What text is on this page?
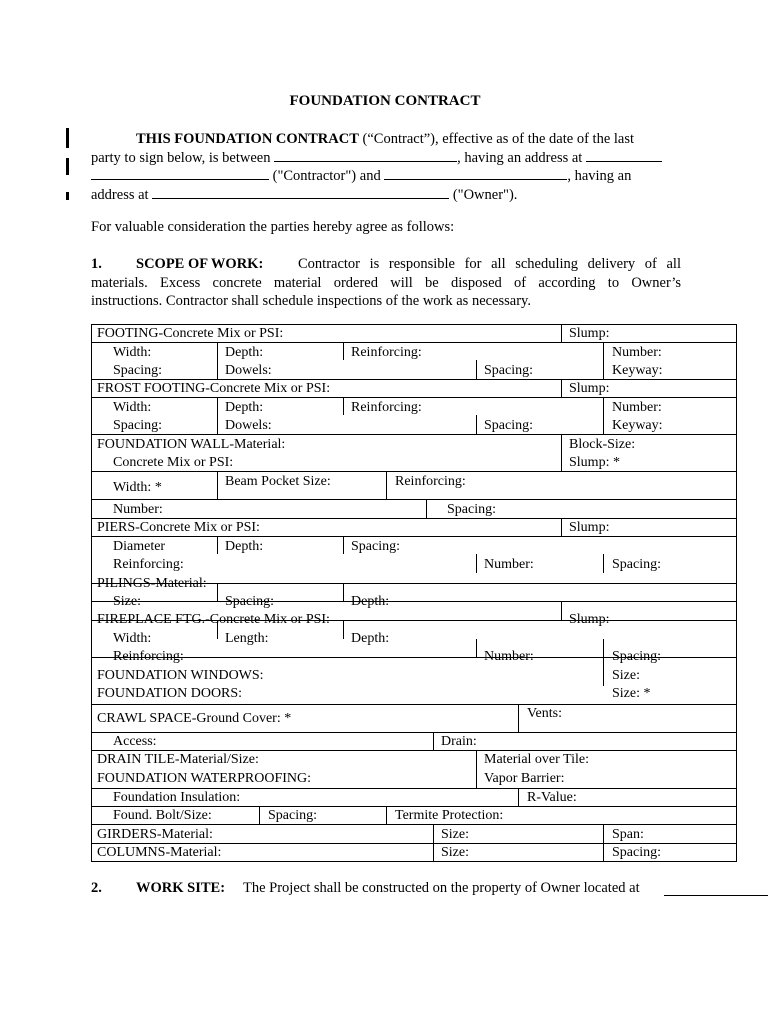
FOUNDATION CONTRACT
THIS FOUNDATION CONTRACT (“Contract”), effective as of the date of the last
party to sign below, is between	, having an address at
("Contractor") and	, having an
address at	("Owner").
For valuable consideration the parties hereby agree as follows:
1.	SCOPE OF WORK:	Contractor is responsible for all scheduling delivery of all
materials. Excess concrete material ordered will be disposed of according to Owner’s
instructions. Contractor shall schedule inspections of the work as necessary.
FOOTING-Concrete Mix or PSI:	Slump:
Width:	Depth:	Reinforcing:	Number:
Spacing:	Dowels:	Spacing:	Keyway:
FROST FOOTING-Concrete Mix or PSI:	Slump:
Width:	Depth:	Reinforcing:	Number:
Spacing:	Dowels:	Spacing:	Keyway:
FOUNDATION WALL-Material:	Block-Size:
Concrete Mix or PSI:	Slump: *
Width: *	Beam Pocket Size:	Reinforcing:
Number:	Spacing:
PIERS-Concrete Mix or PSI:	Slump:
Diameter	Depth:	Spacing:
Reinforcing:	Number:	Spacing:
PILINGS-Material:
Size:	Spacing:	Depth:
FIREPLACE FTG.-Concrete Mix or PSI:	Slump:
Width:	Length:	Depth:
Reinforcing:	Number:	Spacing:
FOUNDATION WINDOWS:	Size:
FOUNDATION DOORS:	Size: *
CRAWL SPACE-Ground Cover: *	Vents:
Access:	Drain:
DRAIN TILE-Material/Size:	Material over Tile:
FOUNDATION WATERPROOFING:	Vapor Barrier:
Foundation Insulation:	R-Value:
Found. Bolt/Size:	Spacing:	Termite Protection:
GIRDERS-Material:	Size:	Span:
COLUMNS-Material:	Size:	Spacing:
2. WORK SITE: The Project shall be constructed on the property of Owner located at
